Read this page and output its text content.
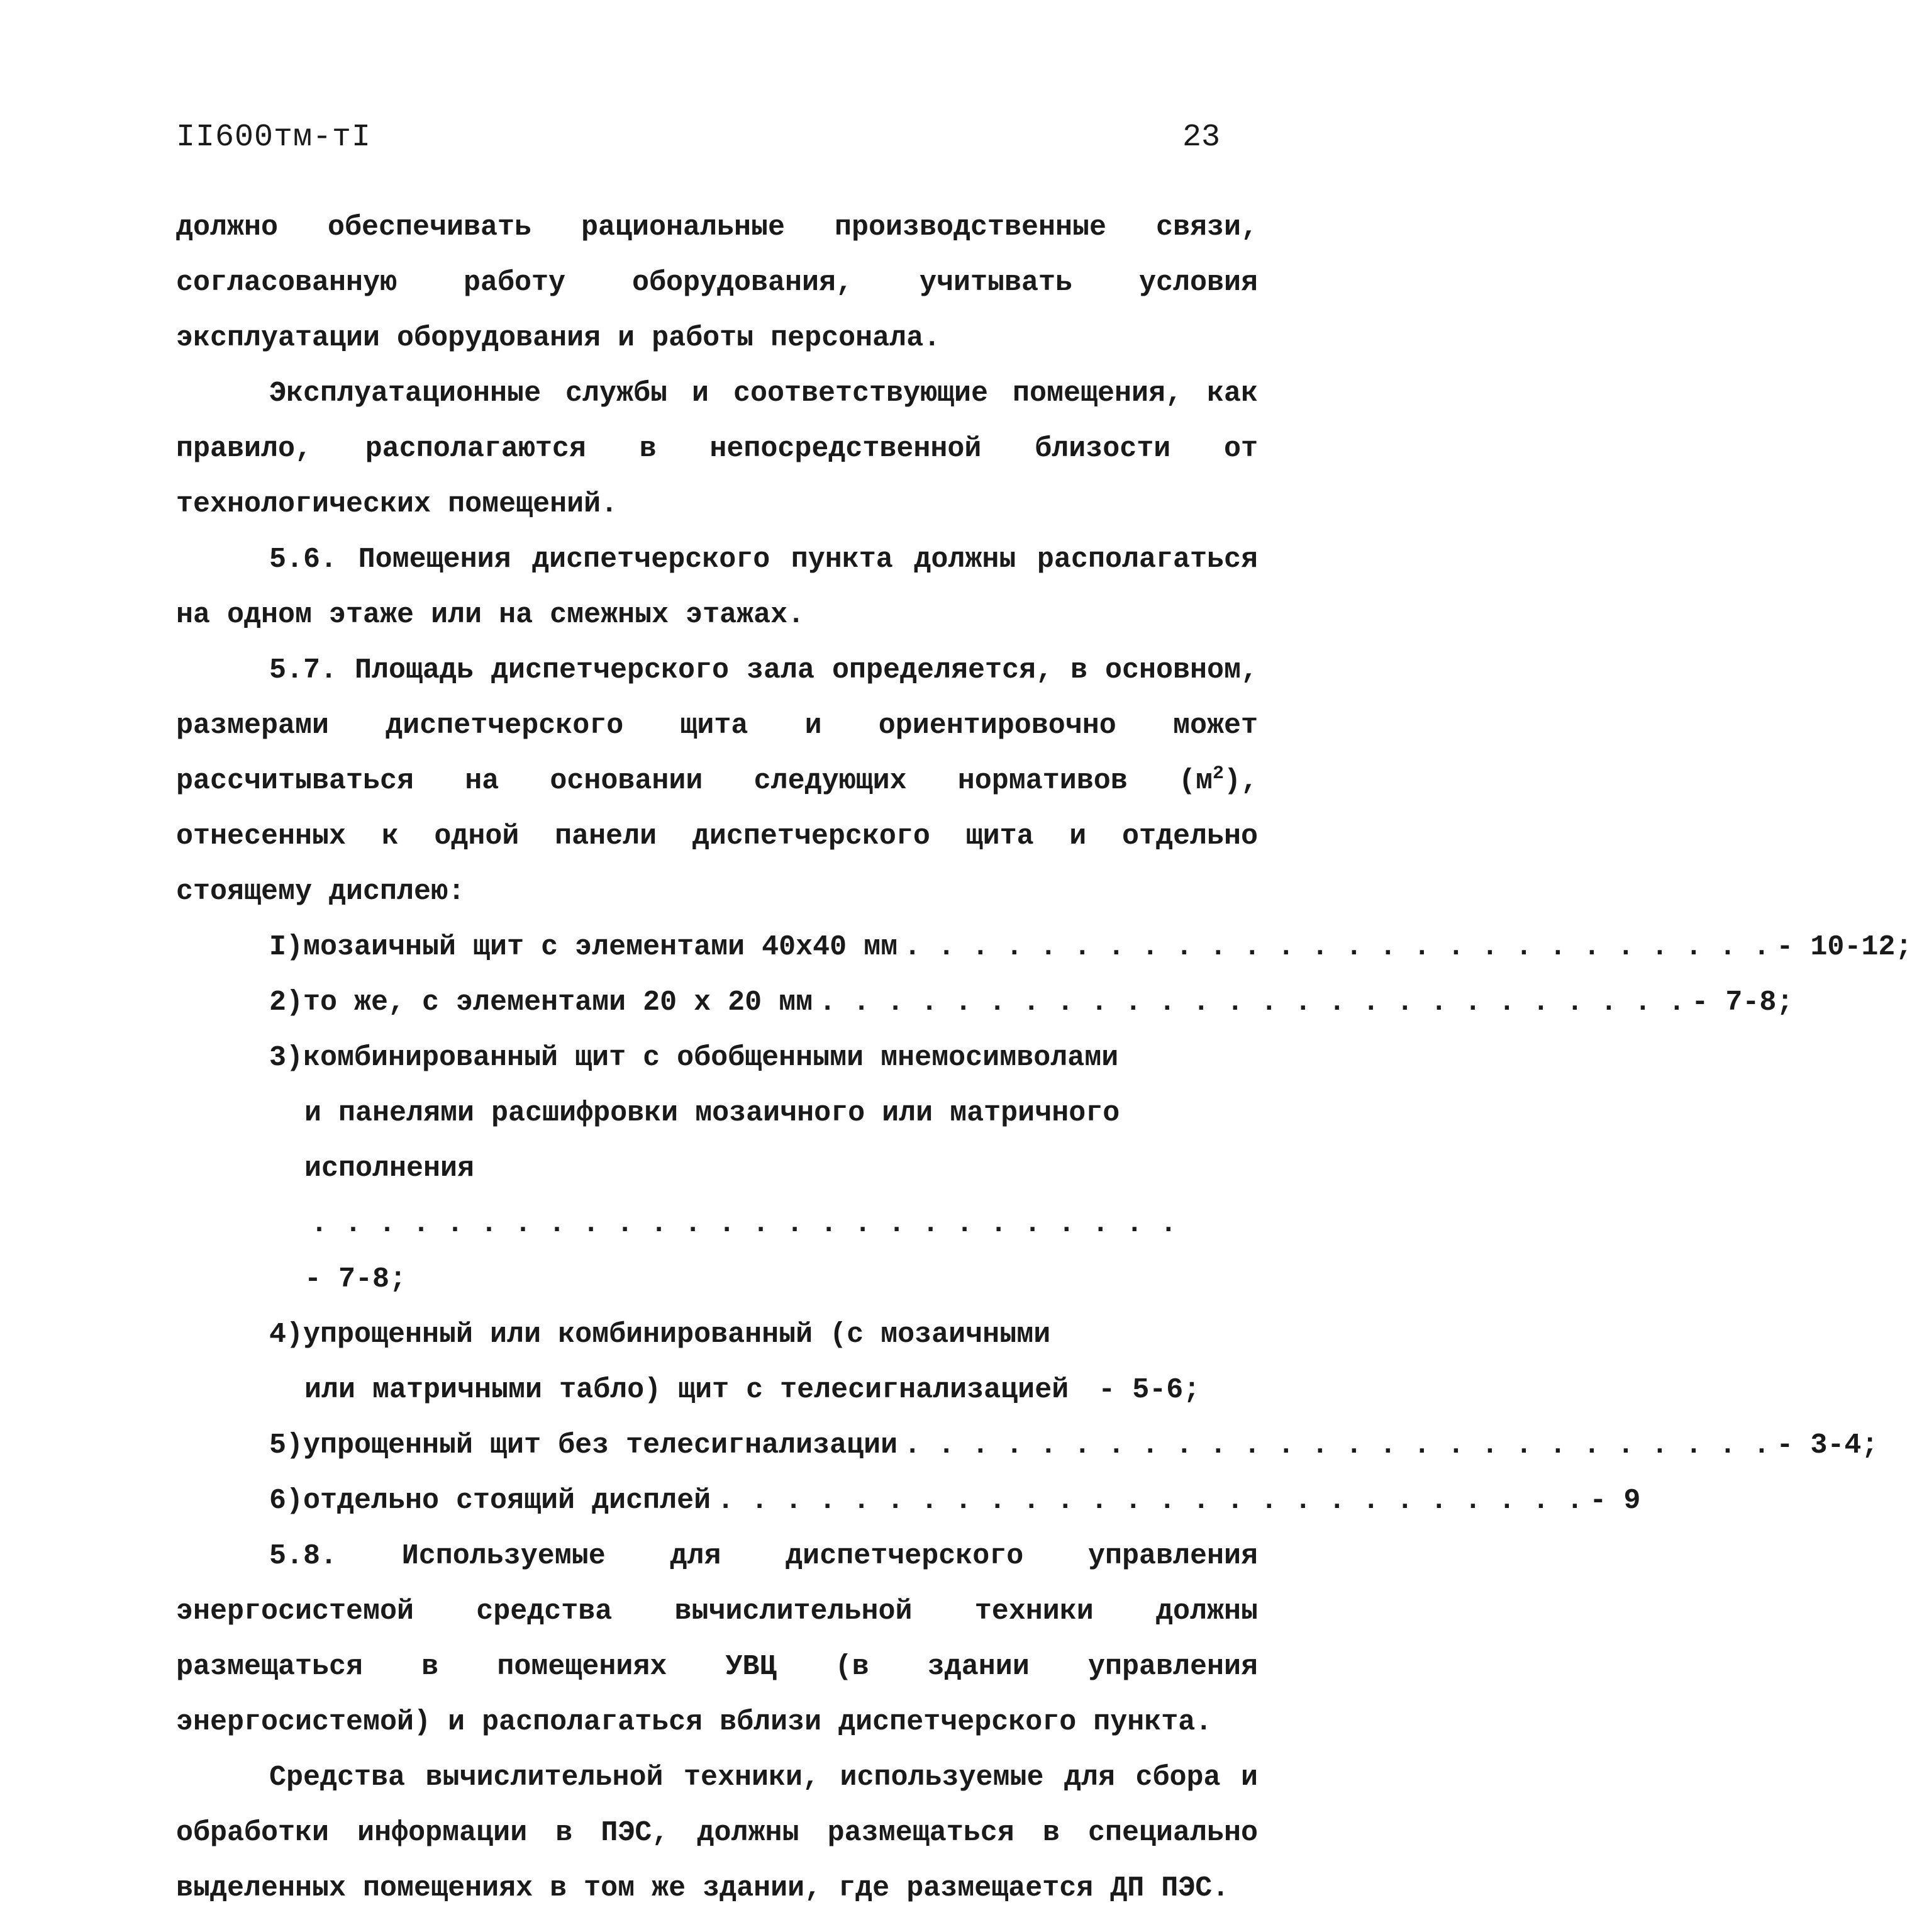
II600тм-тI	23

должно обеспечивать рациональные производственные связи, согласованную работу оборудования, учитывать условия эксплуатации оборудования и работы персонала.

Эксплуатационные службы и соответствующие помещения, как правило, располагаются в непосредственной близости от технологических помещений.

5.6. Помещения диспетчерского пункта должны располагаться на одном этаже или на смежных этажах.

5.7. Площадь диспетчерского зала определяется, в основном, размерами диспетчерского щита и ориентировочно может рассчитываться на основании следующих нормативов $(м^2)$, отнесенных к одной панели диспетчерского щита и отдельно стоящему дисплею:

I)мозаичный щит с элементами 40х40 мм . . . . . . . . . . . . . . . . . . . . . . . . . . - 10-12;
2)то же, с элементами 20 х 20 мм . . . . . . . . . . . . . . . . . . . . . . . . . . - 7-8;
3)комбинированный щит с обобщенными мнемосимволами
и панелями расшифровки мозаичного или матричного
исполнения . . . . . . . . . . . . . . . . . . . . . . . . . . - 7-8;
4)упрощенный или комбинированный (с мозаичными
или матричными табло) щит с телесигнализацией - 5-6;
5)упрощенный щит без телесигнализации . . . . . . . . . . . . . . . . . . . . . . . . . . - 3-4;
6)отдельно стоящий дисплей . . . . . . . . . . . . . . . . . . . . . . . . . . - 9

5.8. Используемые для диспетчерского управления энергосистемой средства вычислительной техники должны размещаться в помещениях УВЦ (в здании управления энергосистемой) и располагаться вблизи диспетчерского пункта.

Средства вычислительной техники, используемые для сбора и обработки информации в ПЭС, должны размещаться в специально выделенных помещениях в том же здании, где размещается ДП ПЭС.
